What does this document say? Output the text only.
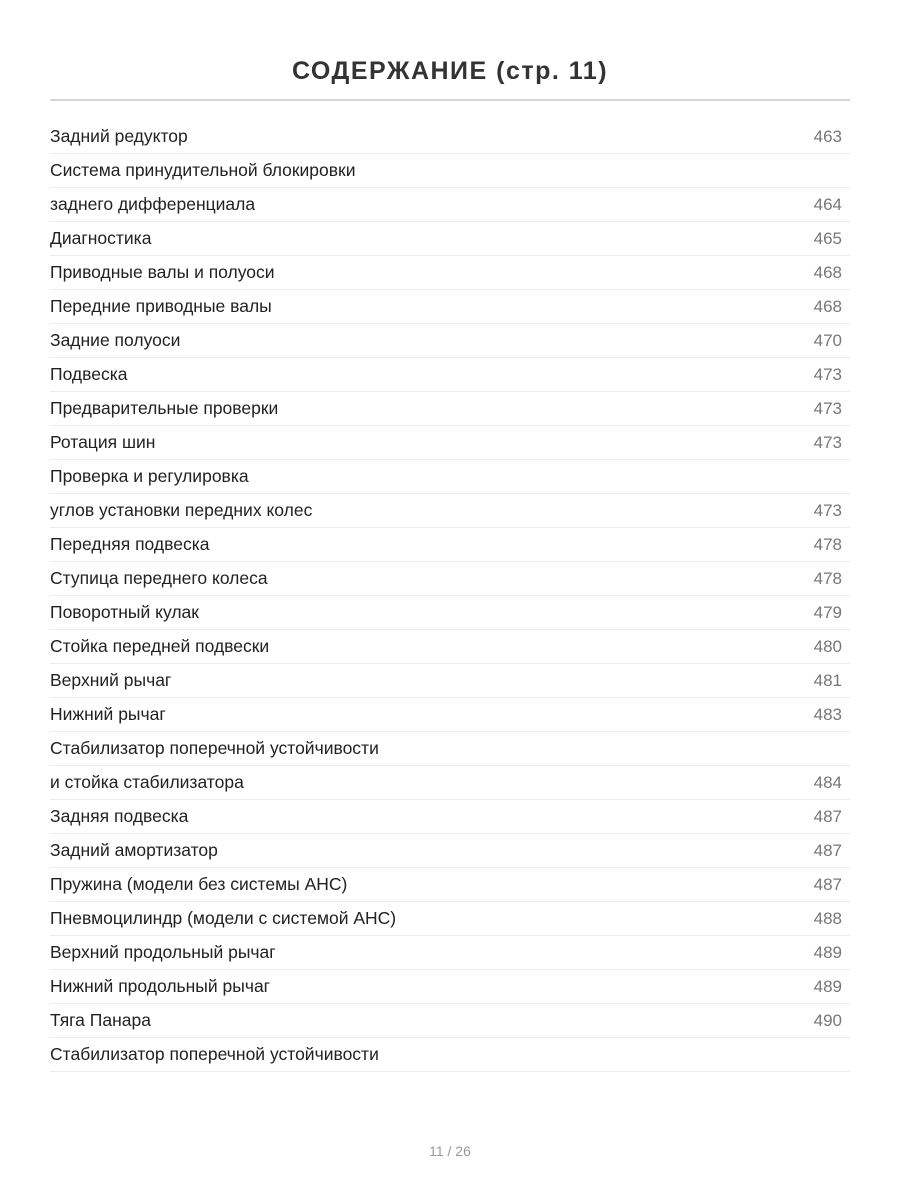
СОДЕРЖАНИЕ (стр. 11)
Задний редуктор	463
Система принудительной блокировки
заднего дифференциала	464
Диагностика	465
Приводные валы и полуоси	468
Передние приводные валы	468
Задние полуоси	470
Подвеска	473
Предварительные проверки	473
Ротация шин	473
Проверка и регулировка
углов установки передних колес	473
Передняя подвеска	478
Ступица переднего колеса	478
Поворотный кулак	479
Стойка передней подвески	480
Верхний рычаг	481
Нижний рычаг	483
Стабилизатор поперечной устойчивости
и стойка стабилизатора	484
Задняя подвеска	487
Задний амортизатор	487
Пружина (модели без системы AHC)	487
Пневмоцилиндр (модели с системой AHC)	488
Верхний продольный рычаг	489
Нижний продольный рычаг	489
Тяга Панара	490
Стабилизатор поперечной устойчивости
11 / 26
